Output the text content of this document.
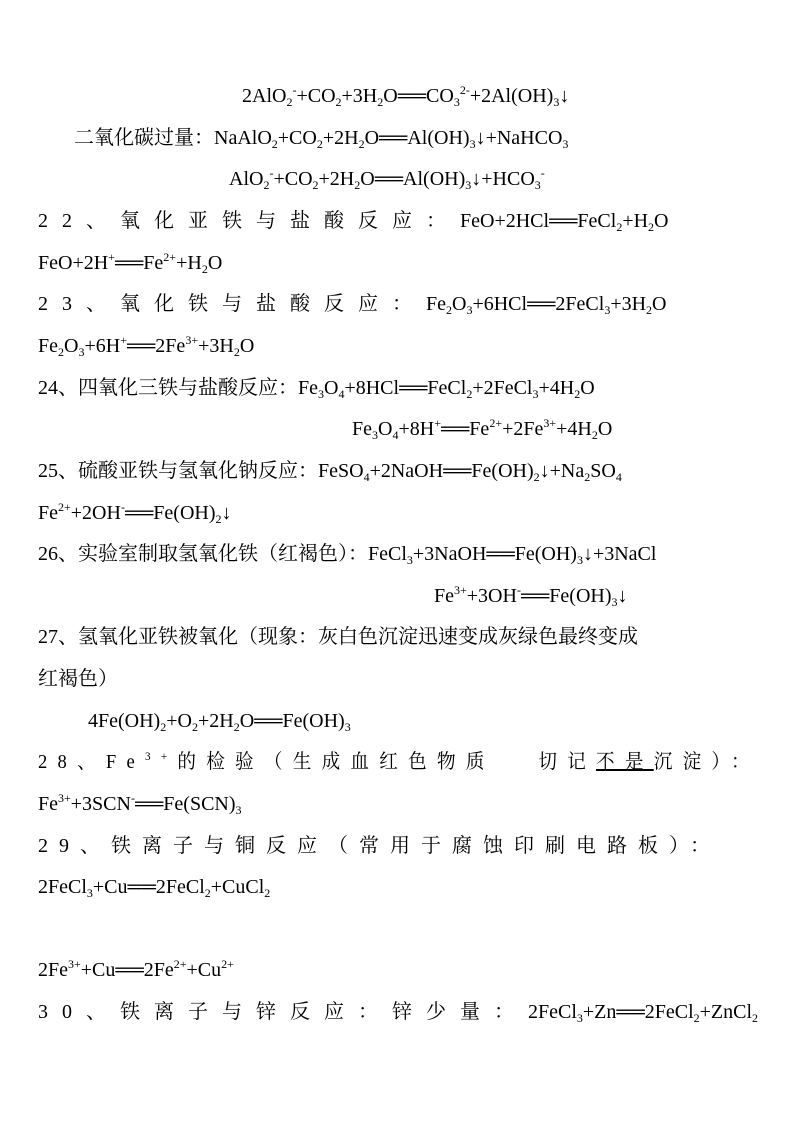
$2AlO_2^-+CO_2+3H_2O══CO_3^{2-}+2Al(OH)_3↓$
二氧化碳过量：$NaAlO_2+CO_2+2H_2O══Al(OH)_3↓+NaHCO_3$
$AlO_2^-+CO_2+2H_2O══Al(OH)_3↓+HCO_3^-$
22、氧化亚铁与盐酸反应：$FeO+2HCl══FeCl_2+H_2O$
$FeO+2H^+══Fe^{2+}+H_2O$
23、氧化铁与盐酸反应：$Fe_2O_3+6HCl══2FeCl_3+3H_2O$
$Fe_2O_3+6H^+══2Fe^{3+}+3H_2O$
24、四氧化三铁与盐酸反应：$Fe_3O_4+8HCl══FeCl_2+2FeCl_3+4H_2O$
$Fe_3O_4+8H^+══Fe^{2+}+2Fe^{3+}+4H_2O$
25、硫酸亚铁与氢氧化钠反应：$FeSO_4+2NaOH══Fe(OH)_2↓+Na_2SO_4$
$Fe^{2+}+2OH^-══Fe(OH)_2↓$
26、实验室制取氢氧化铁（红褐色）：$FeCl_3+3NaOH══Fe(OH)_3↓+3NaCl$
$Fe^{3+}+3OH^-══Fe(OH)_3↓$
27、氢氧化亚铁被氧化（现象：灰白色沉淀迅速变成灰绿色最终变成
红褐色）
$4Fe(OH)_2+O_2+2H_2O══Fe(OH)_3$
28、$Fe^{3+}$的检验（生成血红色物质　 切记不是沉淀）：
$Fe^{3+}+3SCN^-══Fe(SCN)_3$
29、铁离子与铜反应（常用于腐蚀印刷电路板）：
2FeCl$_3$+Cu══2FeCl$_2$+CuCl$_2$
$2Fe^{3+}+Cu══2Fe^{2+}+Cu^{2+}$
30、铁离子与锌反应：锌少量：2FeCl$_3$+Zn══2FeCl$_2$+ZnCl$_2$
